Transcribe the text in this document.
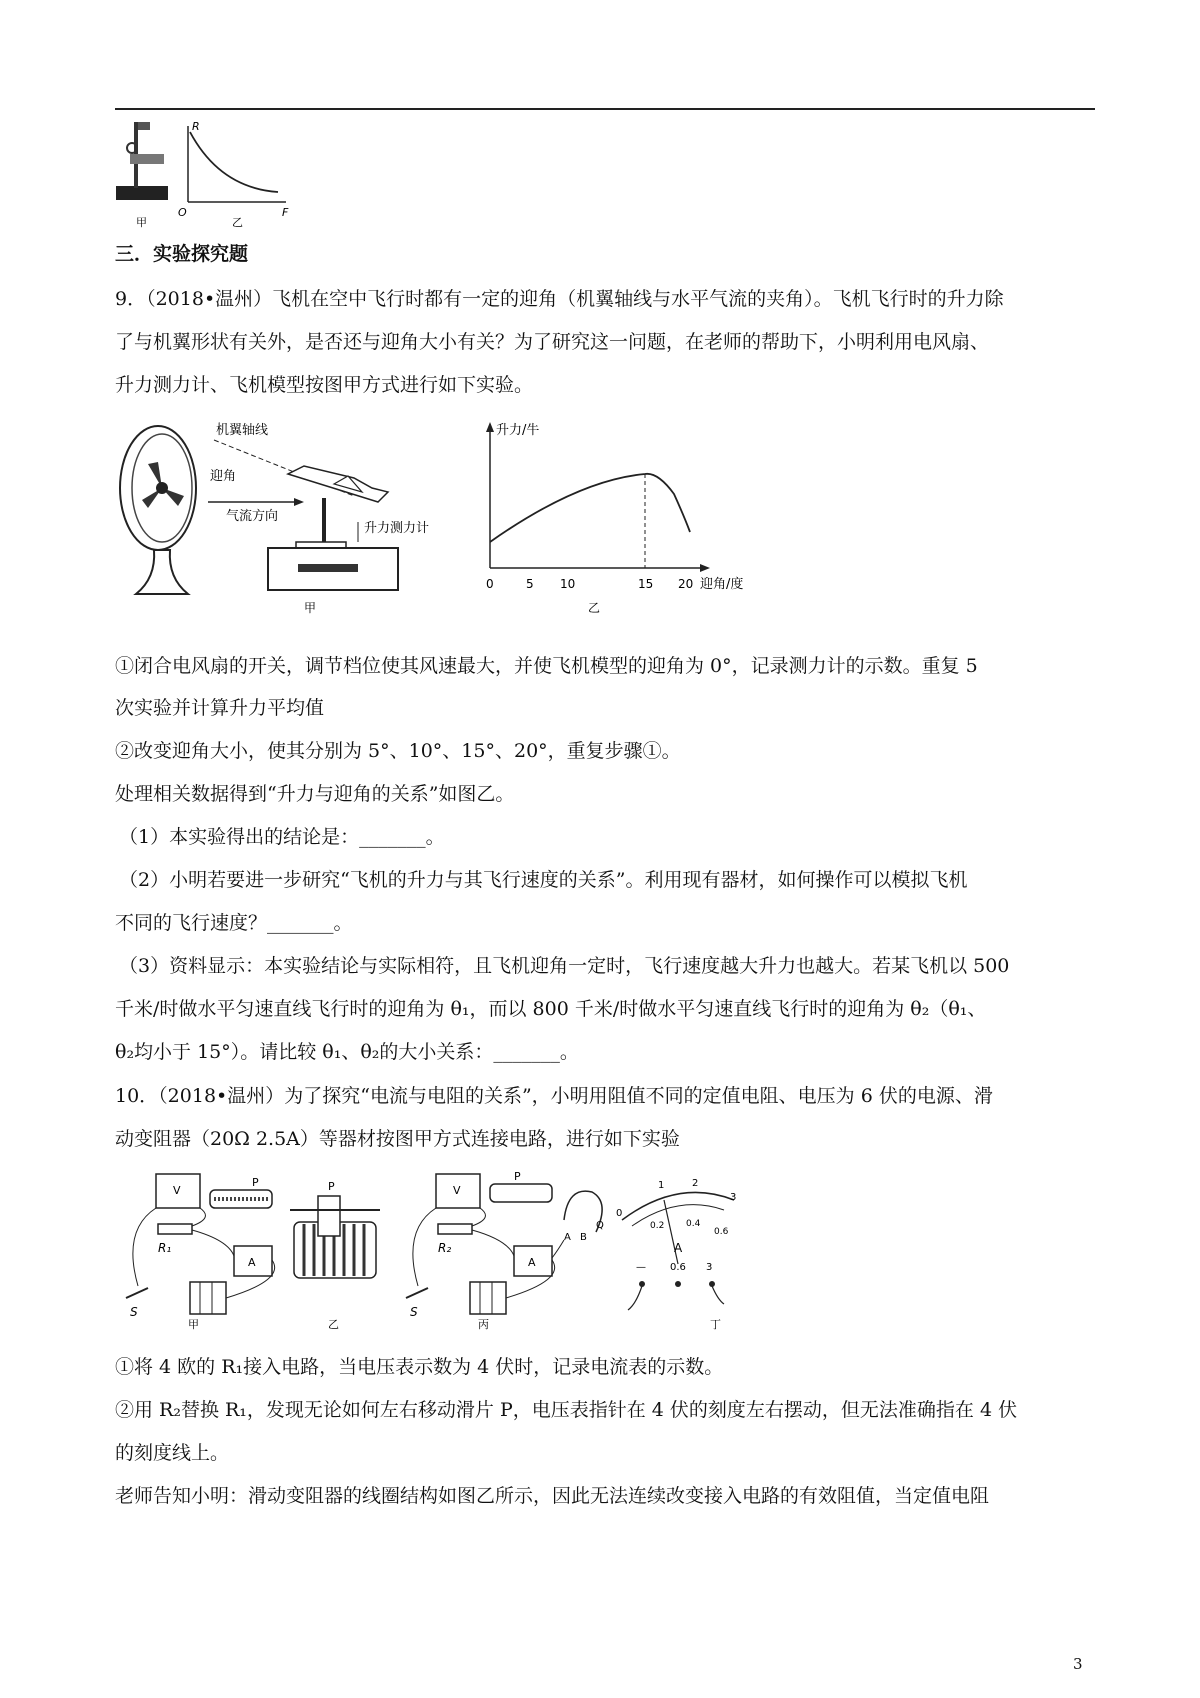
甲
R
F
O
乙
三．实验探究题
9．（2018•温州）飞机在空中飞行时都有一定的迎角（机翼轴线与水平气流的夹角）。飞机飞行时的升力除
了与机翼形状有关外，是否还与迎角大小有关？为了研究这一问题，在老师的帮助下，小明利用电风扇、
升力测力计、飞机模型按图甲方式进行如下实验。
机翼轴线
迎角
气流方向
升力测力计
甲
升力/牛
0	5 10	15 20 迎角/度
乙
①闭合电风扇的开关，调节档位使其风速最大，并使飞机模型的迎角为 0°，记录测力计的示数。重复 5
次实验并计算升力平均值
②改变迎角大小，使其分别为 5°、10°、15°、20°，重复步骤①。
处理相关数据得到“升力与迎角的关系”如图乙。
（1）本实验得出的结论是：_______。
（2）小明若要进一步研究“飞机的升力与其飞行速度的关系”。利用现有器材，如何操作可以模拟飞机
不同的飞行速度？_______。
（3）资料显示：本实验结论与实际相符，且飞机迎角一定时，飞行速度越大升力也越大。若某飞机以 500
千米/时做水平匀速直线飞行时的迎角为 θ₁，而以 800 千米/时做水平匀速直线飞行时的迎角为 θ₂（θ₁、
θ₂均小于 15°）。请比较 θ₁、θ₂的大小关系：_______。
10．（2018•温州）为了探究“电流与电阻的关系”，小明用阻值不同的定值电阻、电压为 6 伏的电源、滑
动变阻器（20Ω 2.5A）等器材按图甲方式连接电路，进行如下实验
V
P
R₁
A
S
甲
P
乙
V
P
Q
A B
R₂
A
S
丙
0
1	2
3
0.2 0.4
0.6
A
— 0.6 3
丁
①将 4 欧的 R₁接入电路，当电压表示数为 4 伏时，记录电流表的示数。
②用 R₂替换 R₁，发现无论如何左右移动滑片 P，电压表指针在 4 伏的刻度左右摆动，但无法准确指在 4 伏
的刻度线上。
老师告知小明：滑动变阻器的线圈结构如图乙所示，因此无法连续改变接入电路的有效阻值，当定值电阻
3
